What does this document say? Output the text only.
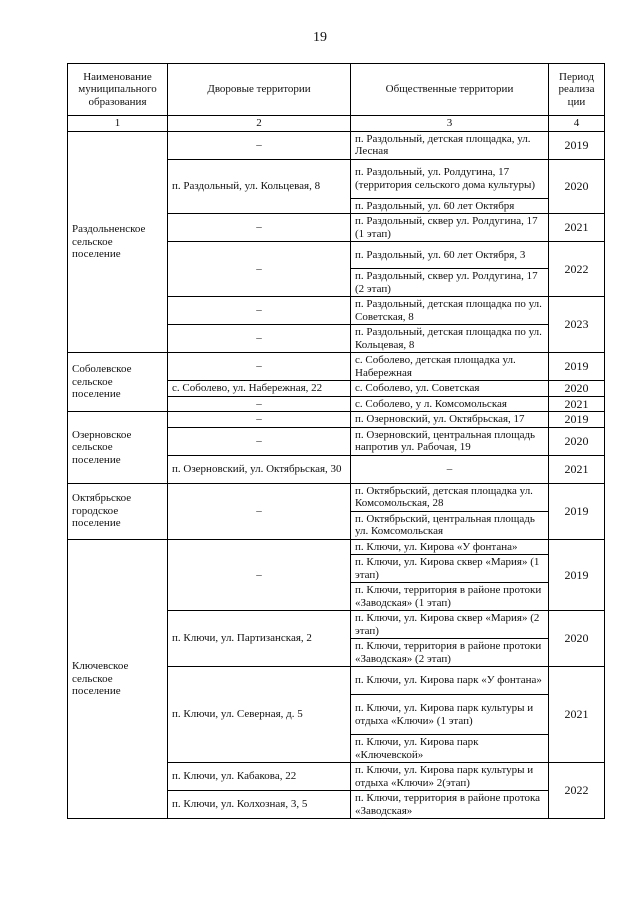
19
Наименование муниципального образования	Дворовые территории	Общественные территории	Период реализа ции
1	2	3	4
Раздольненское сельское поселение	–	п. Раздольный, детская площадка, ул. Лесная	2019
	п. Раздольный, ул. Кольцевая, 8	п. Раздольный, ул. Ролдугина, 17 (территория сельского дома культуры)	2020
		п. Раздольный, ул. 60 лет Октября	
	–	п. Раздольный, сквер ул. Ролдугина, 17 (1 этап)	2021
	–	п. Раздольный, ул. 60 лет Октября, 3	2022
		п. Раздольный, сквер ул. Ролдугина, 17 (2 этап)	
	–	п. Раздольный, детская площадка по ул. Советская, 8	2023
	–	п. Раздольный, детская площадка по ул. Кольцевая, 8	
Соболевское сельское поселение	–	с. Соболево, детская площадка ул. Набережная	2019
	с. Соболево, ул. Набережная, 22	с. Соболево, ул. Советская	2020
	–	с. Соболево, у л. Комсомольская	2021
Озерновское сельское поселение	–	п. Озерновский, ул. Октябрьская, 17	2019
	–	п. Озерновский, центральная площадь напротив ул. Рабочая, 19	2020
	п. Озерновский, ул. Октябрьская, 30	–	2021
Октябрьское городское поселение	–	п. Октябрьский, детская площадка ул. Комсомольская, 28	2019
		п. Октябрьский, центральная площадь ул. Комсомольская	
Ключевское сельское поселение	–	п. Ключи, ул. Кирова «У фонтана»	2019
		п. Ключи, ул. Кирова сквер «Мария» (1 этап)	
		п. Ключи, территория в районе протоки «Заводская» (1 этап)	
	п. Ключи, ул. Партизанская, 2	п. Ключи, ул. Кирова сквер «Мария» (2 этап)	2020
		п. Ключи, территория в районе протоки «Заводская» (2 этап)	
	п. Ключи, ул. Северная, д. 5	п. Ключи, ул. Кирова парк «У фонтана»	2021
		п. Ключи, ул. Кирова парк культуры и отдыха «Ключи» (1 этап)	
		п. Ключи, ул. Кирова парк «Ключевской»	
	п. Ключи, ул. Кабакова, 22	п. Ключи, ул. Кирова парк культуры и отдыха «Ключи» 2(этап)	2022
	п. Ключи, ул. Колхозная, 3, 5	п. Ключи, территория в районе протока «Заводская»	
